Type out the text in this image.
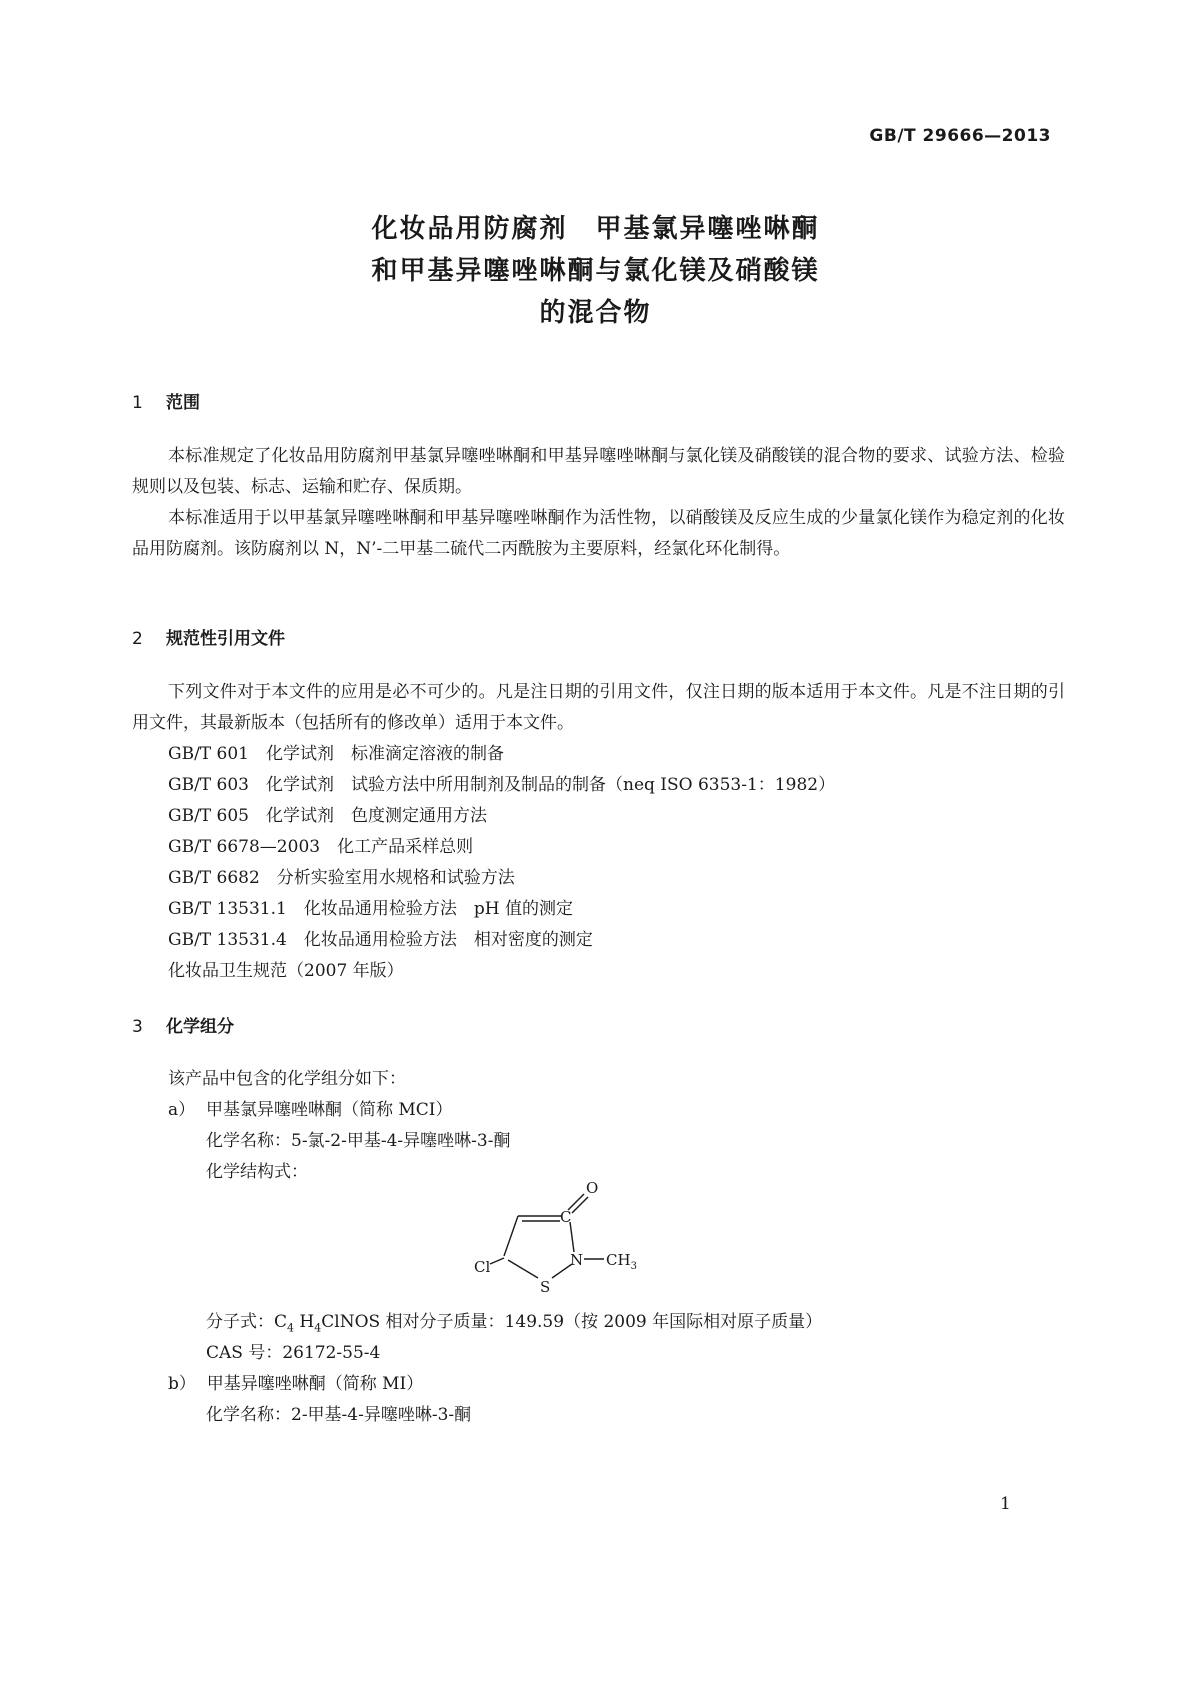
GB/T 29666—2013
化妆品用防腐剂　甲基氯异噻唑啉酮
和甲基异噻唑啉酮与氯化镁及硝酸镁
的混合物
1 范围

本标准规定了化妆品用防腐剂甲基氯异噻唑啉酮和甲基异噻唑啉酮与氯化镁及硝酸镁的混合物的要求、试验方法、检验规则以及包装、标志、运输和贮存、保质期。

本标准适用于以甲基氯异噻唑啉酮和甲基异噻唑啉酮作为活性物，以硝酸镁及反应生成的少量氯化镁作为稳定剂的化妆品用防腐剂。该防腐剂以 N，N’-二甲基二硫代二丙酰胺为主要原料，经氯化环化制得。

2 规范性引用文件

下列文件对于本文件的应用是必不可少的。凡是注日期的引用文件，仅注日期的版本适用于本文件。凡是不注日期的引用文件，其最新版本（包括所有的修改单）适用于本文件。

GB/T 601　化学试剂　标准滴定溶液的制备
GB/T 603　化学试剂　试验方法中所用制剂及制品的制备（neq ISO 6353-1：1982）
GB/T 605　化学试剂　色度测定通用方法
GB/T 6678—2003　化工产品采样总则
GB/T 6682　分析实验室用水规格和试验方法
GB/T 13531.1　化妆品通用检验方法　pH 值的测定
GB/T 13531.4　化妆品通用检验方法　相对密度的测定
化妆品卫生规范（2007 年版）
3 化学组分
该产品中包含的化学组分如下：
a） 甲基氯异噻唑啉酮（简称 MCI）
化学名称：5-氯-2-甲基-4-异噻唑啉-3-酮
化学结构式：
O
C
N
S
Cl	$CH_3$
分子式：$C_4$ $H_4ClNOS$ 相对分子质量：149.59（按 2009 年国际相对原子质量）
CAS 号：26172-55-4
b） 甲基异噻唑啉酮（简称 MI）
化学名称：2-甲基-4-异噻唑啉-3-酮
1
